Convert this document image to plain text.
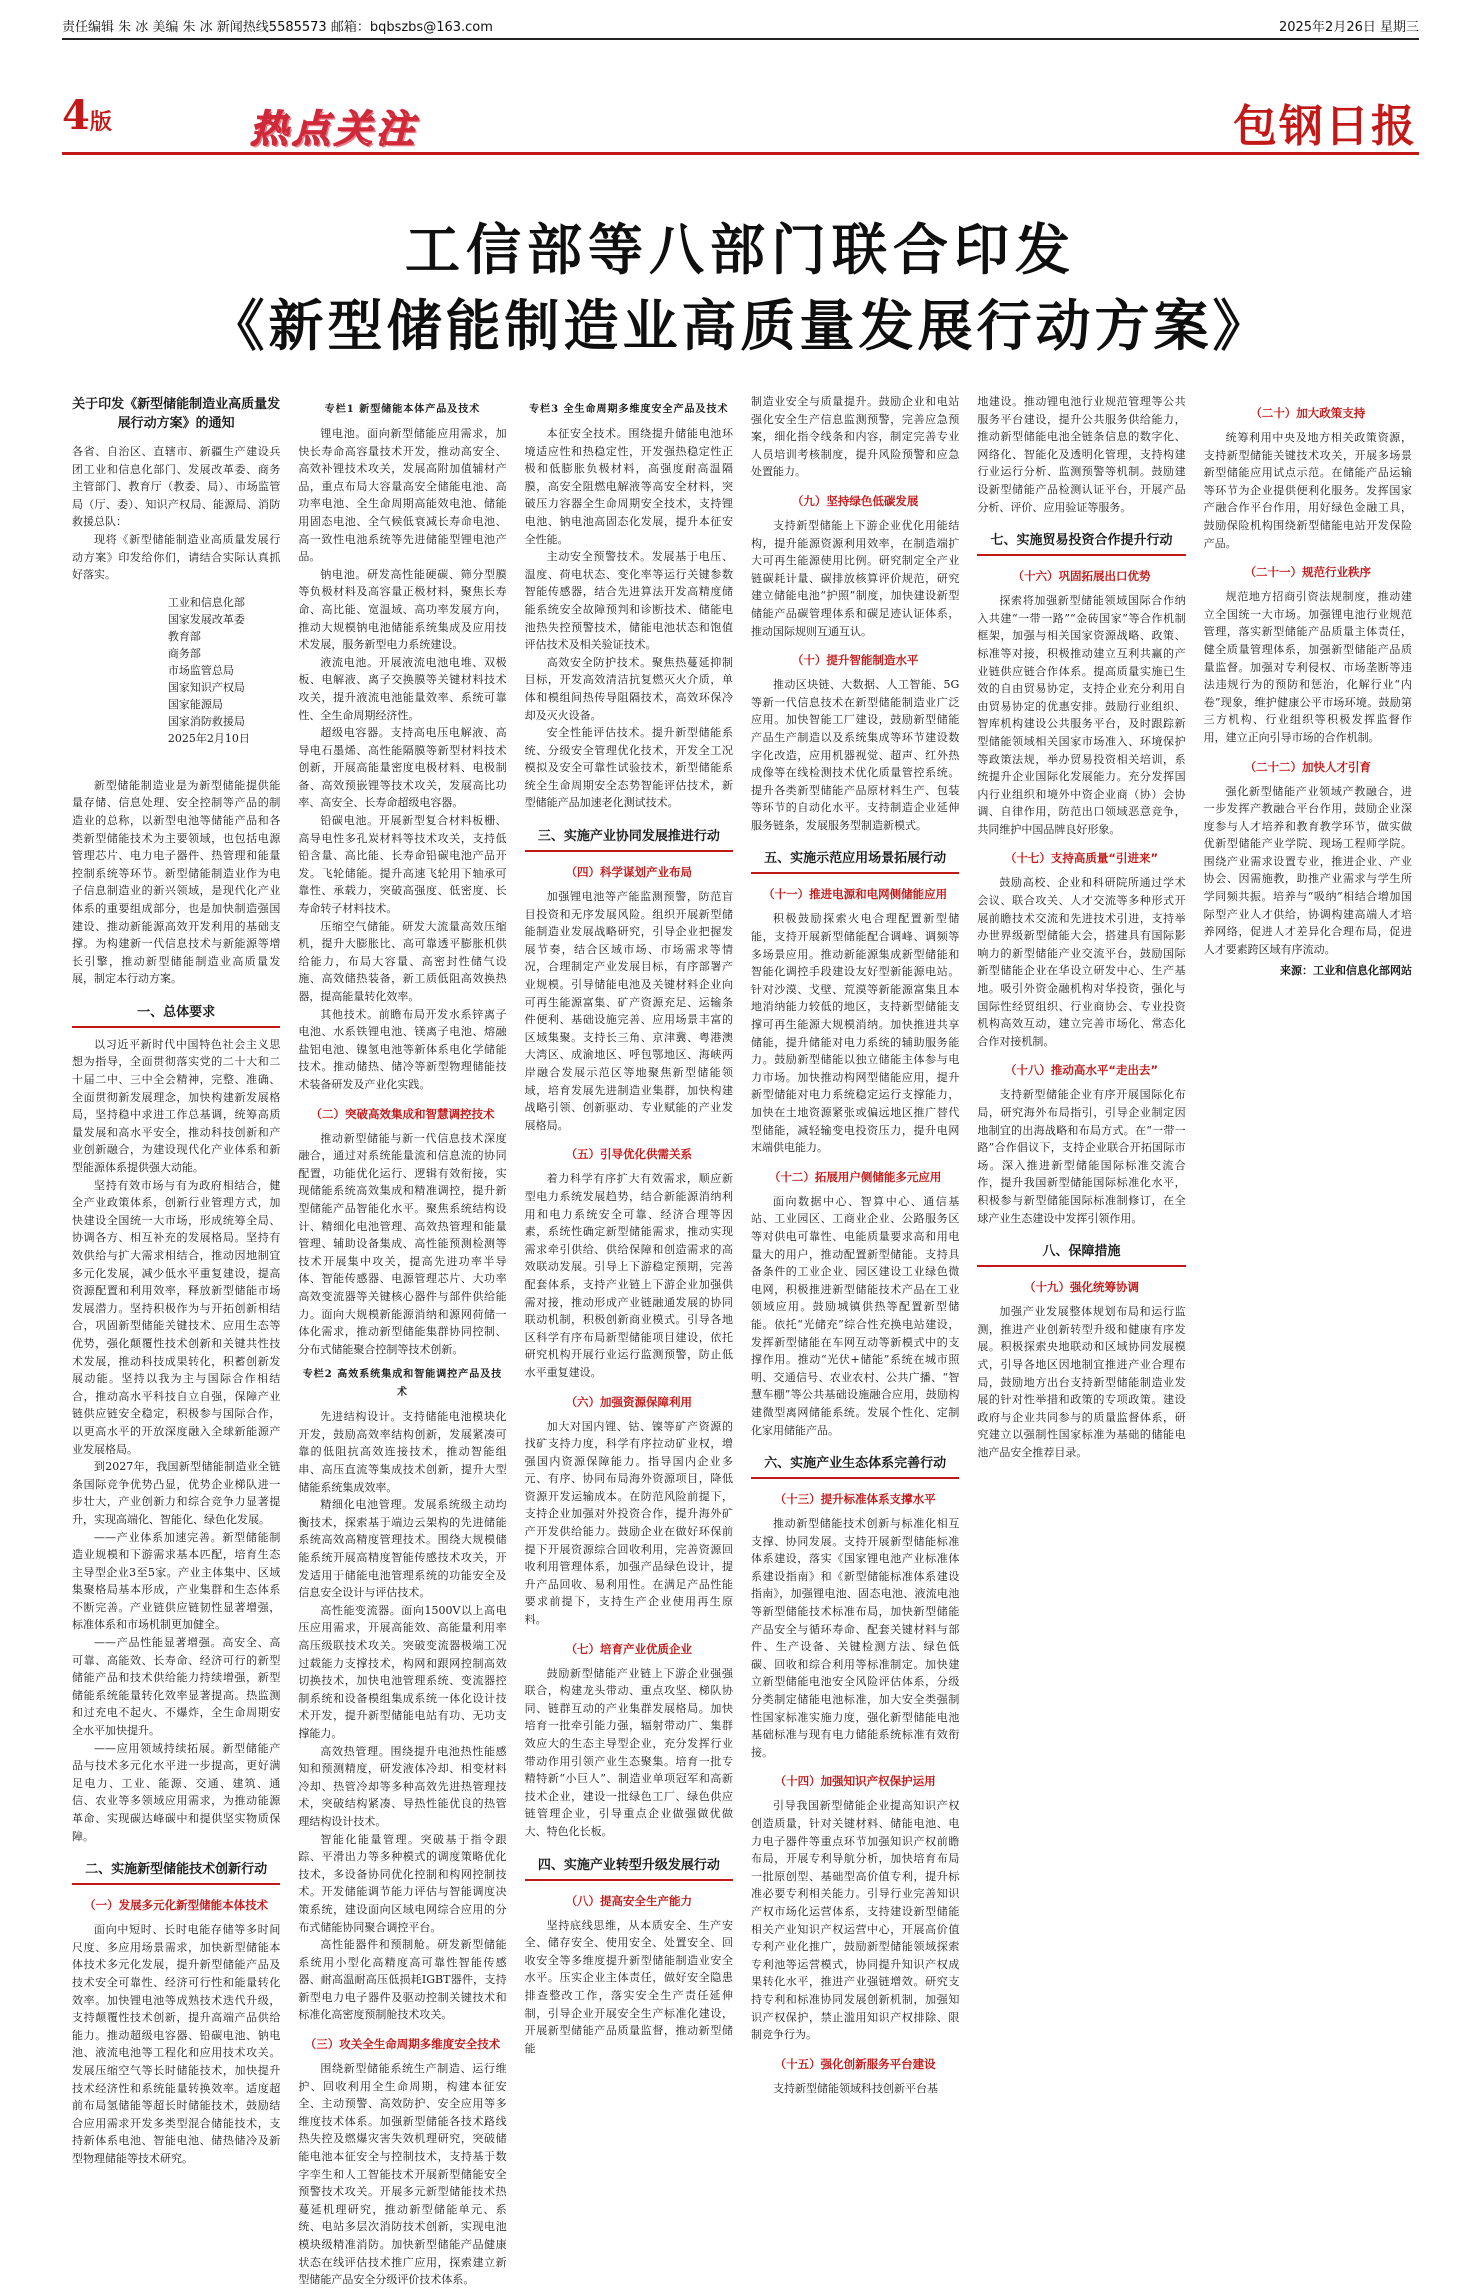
责任编辑 朱 冰 美编 朱 冰 新闻热线5585573 邮箱：bqbszbs@163.com	2025年2月26日 星期三
4版	热点关注	包钢日报
工信部等八部门联合印发
《新型储能制造业高质量发展行动方案》
关于印发《新型储能制造业高质量发展行动方案》的通知

各省、自治区、直辖市、新疆生产建设兵团工业和信息化部门、发展改革委、商务主管部门、教育厅（教委、局）、市场监管局（厅、委）、知识产权局、能源局、消防救援总队：

现将《新型储能制造业高质量发展行动方案》印发给你们，请结合实际认真抓好落实。

工业和信息化部
国家发展改革委
教育部
商务部
市场监管总局
国家知识产权局
国家能源局
国家消防救援局
2025年2月10日

新型储能制造业是为新型储能提供能量存储、信息处理、安全控制等产品的制造业的总称，以新型电池等储能产品和各类新型储能技术为主要领域，也包括电源管理芯片、电力电子器件、热管理和能量控制系统等环节。新型储能制造业作为电子信息制造业的新兴领域，是现代化产业体系的重要组成部分，也是加快制造强国建设、推动新能源高效开发利用的基础支撑。为构建新一代信息技术与新能源等增长引擎，推动新型储能制造业高质量发展，制定本行动方案。

一、总体要求

以习近平新时代中国特色社会主义思想为指导，全面贯彻落实党的二十大和二十届二中、三中全会精神，完整、准确、全面贯彻新发展理念，加快构建新发展格局，坚持稳中求进工作总基调，统筹高质量发展和高水平安全，推动科技创新和产业创新融合，为建设现代化产业体系和新型能源体系提供强大动能。

坚持有效市场与有为政府相结合，健全产业政策体系，创新行业管理方式，加快建设全国统一大市场，形成统筹全局、协调各方、相互补充的发展格局。坚持有效供给与扩大需求相结合，推动因地制宜多元化发展，减少低水平重复建设，提高资源配置和利用效率，释放新型储能市场发展潜力。坚持积极作为与开拓创新相结合，巩固新型储能关键技术、应用生态等优势，强化颠覆性技术创新和关键共性技术发展，推动科技成果转化，积蓄创新发展动能。坚持以我为主与国际合作相结合，推动高水平科技自立自强，保障产业链供应链安全稳定，积极参与国际合作，以更高水平的开放深度融入全球新能源产业发展格局。

到2027年，我国新型储能制造业全链条国际竞争优势凸显，优势企业梯队进一步壮大，产业创新力和综合竞争力显著提升，实现高端化、智能化、绿色化发展。

——产业体系加速完善。新型储能制造业规模和下游需求基本匹配，培育生态主导型企业3至5家。产业主体集中、区域集聚格局基本形成，产业集群和生态体系不断完善。产业链供应链韧性显著增强，标准体系和市场机制更加健全。

——产品性能显著增强。高安全、高可靠、高能效、长寿命、经济可行的新型储能产品和技术供给能力持续增强，新型储能系统能量转化效率显著提高。热监测和过充电不起火、不爆炸，全生命周期安全水平加快提升。

——应用领域持续拓展。新型储能产品与技术多元化水平进一步提高，更好满足电力、工业、能源、交通、建筑、通信、农业等多领域应用需求，为推动能源革命、实现碳达峰碳中和提供坚实物质保障。

二、实施新型储能技术创新行动
（一）发展多元化新型储能本体技术

面向中短时、长时电能存储等多时间尺度、多应用场景需求，加快新型储能本体技术多元化发展，提升新型储能产品及技术安全可靠性、经济可行性和能量转化效率。加快锂电池等成熟技术迭代升级，支持颠覆性技术创新，提升高端产品供给能力。推动超级电容器、铅碳电池、钠电池、液流电池等工程化和应用技术攻关。发展压缩空气等长时储能技术，加快提升技术经济性和系统能量转换效率。适度超前布局氢储能等超长时储能技术，鼓励结合应用需求开发多类型混合储能技术，支持新体系电池、智能电池、储热储冷及新型物理储能等技术研究。

专栏1 新型储能本体产品及技术

锂电池。面向新型储能应用需求，加快长寿命高容量技术开发，推动高安全、高效补锂技术攻关，发展高附加值辅材产品，重点布局大容量高安全储能电池、高功率电池、全生命周期高能效电池、储能用固态电池、全气候低衰减长寿命电池、高一致性电池系统等先进储能型锂电池产品。

钠电池。研发高性能硬碳、筛分型膜等负极材料及高容量正极材料，聚焦长寿命、高比能、宽温域、高功率发展方向，推动大规模钠电池储能系统集成及应用技术发展，服务新型电力系统建设。

液流电池。开展液流电池电堆、双极板、电解液、离子交换膜等关键材料技术攻关，提升液流电池能量效率、系统可靠性、全生命周期经济性。

超级电容器。支持高电压电解液、高导电石墨烯、高性能隔膜等新型材料技术创新，开展高能量密度电极材料、电极制备、高效预嵌锂等技术攻关，发展高比功率、高安全、长寿命超级电容器。

铅碳电池。开展新型复合材料板栅、高导电性多孔炭材料等技术攻关，支持低铅含量、高比能、长寿命铅碳电池产品开发。飞轮储能。提升高速飞轮用下轴承可靠性、承载力，突破高强度、低密度、长寿命转子材料技术。

压缩空气储能。研发大流量高效压缩机，提升大膨胀比、高可靠透平膨胀机供给能力，布局大容量、高密封性储气设施、高效储热装备，新工质低阻高效换热器，提高能量转化效率。

其他技术。前瞻布局开发水系锌离子电池、水系铁锂电池、镁离子电池、熔融盐铝电池、镍氢电池等新体系电化学储能技术。推动储热、储冷等新型物理储能技术装备研发及产业化实践。

（二）突破高效集成和智慧调控技术

推动新型储能与新一代信息技术深度融合，通过对系统能量流和信息流的协同配置，功能优化运行、逻辑有效衔接，实现储能系统高效集成和精准调控，提升新型储能产品智能化水平。聚焦系统结构设计、精细化电池管理、高效热管理和能量管理、辅助设备集成、高性能预测检测等技术开展集中攻关，提高先进功率半导体、智能传感器、电源管理芯片、大功率高效变流器等关键核心器件与部件供给能力。面向大规模新能源消纳和源网荷储一体化需求，推动新型储能集群协同控制、分布式储能聚合控制等技术创新。

专栏2 高效系统集成和智能调控产品及技术

先进结构设计。支持储能电池模块化开发，鼓励高效率结构创新，发展紧凑可靠的低阻抗高效连接技术，推动智能组串、高压直流等集成技术创新，提升大型储能系统集成效率。

精细化电池管理。发展系统级主动均衡技术，探索基于端边云架构的先进储能系统高效高精度管理技术。围绕大规模储能系统开展高精度智能传感技术攻关，开发适用于储能电池管理系统的功能安全及信息安全设计与评估技术。

高性能变流器。面向1500V以上高电压应用需求，开展高能效、高能量利用率高压级联技术攻关。突破变流器极端工况过载能力支撑技术，构网和跟网控制高效切换技术，加快电池管理系统、变流器控制系统和设备模组集成系统一体化设计技术开发，提升新型储能电站有功、无功支撑能力。

高效热管理。围绕提升电池热性能感知和预测精度，研发液体冷却、相变材料冷却、热管冷却等多种高效先进热管理技术，突破结构紧凑、导热性能优良的热管理结构设计技术。

智能化能量管理。突破基于指令跟踪、平滑出力等多种模式的调度策略优化技术，多设备协同优化控制和构网控制技术。开发储能调节能力评估与智能调度决策系统，建设面向区域电网综合应用的分布式储能协同聚合调控平台。

高性能器件和预制舱。研发新型储能系统用小型化高精度高可靠性智能传感器、耐高温耐高压低损耗IGBT器件，支持新型电力电子器件及驱动控制关键技术和标准化高密度预制舱技术攻关。

（三）攻关全生命周期多维度安全技术

围绕新型储能系统生产制造、运行维护、回收利用全生命周期，构建本征安全、主动预警、高效防护、安全应用等多维度技术体系。加强新型储能各技术路线热失控及燃爆灾害失效机理研究，突破储能电池本征安全与控制技术，支持基于数字孪生和人工智能技术开展新型储能安全预警技术攻关。开展多元新型储能技术热蔓延机理研究，推动新型储能单元、系统、电站多层次消防技术创新，实现电池模块级精准消防。加快新型储能产品健康状态在线评估技术推广应用，探索建立新型储能产品安全分级评价技术体系。

专栏3 全生命周期多维度安全产品及技术

本征安全技术。围绕提升储能电池环境适应性和热稳定性，开发强热稳定性正极和低膨胀负极材料，高强度耐高温隔膜，高安全阻燃电解液等高安全材料，突破压力容器全生命周期安全技术，支持锂电池、钠电池高固态化发展，提升本征安全性能。

主动安全预警技术。发展基于电压、温度、荷电状态、变化率等运行关键参数智能传感器，结合先进算法开发高精度储能系统安全故障预判和诊断技术、储能电池热失控预警技术，储能电池状态和饱值评估技术及相关验证技术。

高效安全防护技术。聚焦热蔓延抑制目标，开发高效清洁抗复燃灭火介质，单体和模组间热传导阻隔技术，高效环保冷却及灭火设备。

安全性能评估技术。提升新型储能系统、分级安全管理优化技术，开发全工况模拟及安全可靠性试验技术，新型储能系统全生命周期安全态势智能评估技术，新型储能产品加速老化测试技术。

三、实施产业协同发展推进行动
（四）科学谋划产业布局

加强锂电池等产能监测预警，防范盲目投资和无序发展风险。组织开展新型储能制造业发展战略研究，引导企业把握发展节奏，结合区域市场、市场需求等情况，合理制定产业发展目标，有序部署产业规模。引导储能电池及关键材料企业向可再生能源富集、矿产资源充足、运输条件便利、基础设施完善、应用场景丰富的区域集聚。支持长三角、京津冀、粤港澳大湾区、成渝地区、呼包鄂地区、海峡两岸融合发展示范区等地聚焦新型储能领域，培育发展先进制造业集群，加快构建战略引领、创新驱动、专业赋能的产业发展格局。

（五）引导优化供需关系

着力科学有序扩大有效需求，顺应新型电力系统发展趋势，结合新能源消纳利用和电力系统安全可靠、经济合理等因素，系统性确定新型储能需求，推动实现需求牵引供给、供给保障和创造需求的高效联动发展。引导上下游稳定预期，完善配套体系，支持产业链上下游企业加强供需对接，推动形成产业链融通发展的协同联动机制，积极创新商业模式。引导各地区科学有序布局新型储能项目建设，依托研究机构开展行业运行监测预警，防止低水平重复建设。

（六）加强资源保障利用

加大对国内锂、钴、镍等矿产资源的找矿支持力度，科学有序拉动矿业权，增强国内资源保障能力。指导国内企业多元、有序、协同布局海外资源项目，降低资源开发运输成本。在防范风险前提下，支持企业加强对外投资合作，提升海外矿产开发供给能力。鼓励企业在做好环保前提下开展资源综合回收利用，完善资源回收利用管理体系，加强产品绿色设计，提升产品回收、易利用性。在满足产品性能要求前提下，支持生产企业使用再生原料。

（七）培育产业优质企业

鼓励新型储能产业链上下游企业强强联合，构建龙头带动、重点攻坚、梯队协同、链群互动的产业集群发展格局。加快培育一批牵引能力强，辐射带动广、集群效应大的生态主导型企业，充分发挥行业带动作用引领产业生态聚集。培育一批专精特新“小巨人”、制造业单项冠军和高新技术企业，建设一批绿色工厂、绿色供应链管理企业，引导重点企业做强做优做大、特色化长板。

四、实施产业转型升级发展行动
（八）提高安全生产能力

坚持底线思维，从本质安全、生产安全、储存安全、使用安全、处置安全、回收安全等多维度提升新型储能制造业安全水平。压实企业主体责任，做好安全隐患排查整改工作，落实安全生产责任延伸制，引导企业开展安全生产标准化建设，开展新型储能产品质量监督，推动新型储能

制造业安全与质量提升。鼓励企业和电站强化安全生产信息监测预警，完善应急预案，细化指令线条和内容，制定完善专业人员培训考核制度，提升风险预警和应急处置能力。

（九）坚持绿色低碳发展

支持新型储能上下游企业优化用能结构，提升能源资源利用效率，在制造端扩大可再生能源使用比例。研究制定全产业链碳耗计量、碳排放核算评价规范，研究建立储能电池“护照”制度，加快建设新型储能产品碳管理体系和碳足迹认证体系，推动国际规则互通互认。

（十）提升智能制造水平

推动区块链、大数据、人工智能、5G等新一代信息技术在新型储能制造业广泛应用。加快智能工厂建设，鼓励新型储能产品生产制造以及系统集成等环节建设数字化改造，应用机器视觉、超声、红外热成像等在线检测技术优化质量管控系统。提升各类新型储能产品原材料生产、包装等环节的自动化水平。支持制造企业延伸服务链条，发展服务型制造新模式。

五、实施示范应用场景拓展行动
（十一）推进电源和电网侧储能应用

积极鼓励探索火电合理配置新型储能，支持开展新型储能配合调峰、调频等多场景应用。推动新能源集成新型储能和智能化调控手段建设友好型新能源电站。针对沙漠、戈壁、荒漠等新能源富集且本地消纳能力较低的地区，支持新型储能支撑可再生能源大规模消纳。加快推进共享储能，提升储能对电力系统的辅助服务能力。鼓励新型储能以独立储能主体参与电力市场。加快推动构网型储能应用，提升新型储能对电力系统稳定运行支撑能力，加快在土地资源紧张或偏远地区推广替代型储能，减轻输变电投资压力，提升电网末端供电能力。

（十二）拓展用户侧储能多元应用

面向数据中心、智算中心、通信基站、工业园区、工商业企业、公路服务区等对供电可靠性、电能质量要求高和用电量大的用户，推动配置新型储能。支持具备条件的工业企业、园区建设工业绿色微电网，积极推进新型储能技术产品在工业领域应用。鼓励城镇供热等配置新型储能。依托“光储充”综合性充换电站建设，发挥新型储能在车网互动等新模式中的支撑作用。推动“光伏+储能”系统在城市照明、交通信号、农业农村、公共广播、“智慧车棚”等公共基础设施融合应用，鼓励构建微型离网储能系统。发展个性化、定制化家用储能产品。

六、实施产业生态体系完善行动
（十三）提升标准体系支撑水平

推动新型储能技术创新与标准化相互支撑、协同发展。支持开展新型储能标准体系建设，落实《国家锂电池产业标准体系建设指南》和《新型储能标准体系建设指南》，加强锂电池、固态电池、液流电池等新型储能技术标准布局，加快新型储能产品安全与循环寿命、配套关键材料与部件、生产设备、关键检测方法、绿色低碳、回收和综合利用等标准制定。加快建立新型储能电池安全风险评估体系，分级分类制定储能电池标准，加大安全类强制性国家标准实施力度，强化新型储能电池基础标准与现有电力储能系统标准有效衔接。

（十四）加强知识产权保护运用

引导我国新型储能企业提高知识产权创造质量，针对关键材料、储能电池、电力电子器件等重点环节加强知识产权前瞻布局，开展专利导航分析，加快培育布局一批原创型、基础型高价值专利，提升标准必要专利相关能力。引导行业完善知识产权市场化运营体系，支持建设新型储能相关产业知识产权运营中心，开展高价值专利产业化推广，鼓励新型储能领域探索专利池等运营模式，协同提升知识产权成果转化水平，推进产业强链增效。研究支持专利和标准协同发展创新机制，加强知识产权保护，禁止滥用知识产权排除、限制竞争行为。

（十五）强化创新服务平台建设

支持新型储能领域科技创新平台基

地建设。推动锂电池行业规范管理等公共服务平台建设，提升公共服务供给能力，推动新型储能电池全链条信息的数字化、网络化、智能化及透明化管理，支持构建行业运行分析、监测预警等机制。鼓励建设新型储能产品检测认证平台，开展产品分析、评价、应用验证等服务。

七、实施贸易投资合作提升行动
（十六）巩固拓展出口优势

探索将加强新型储能领域国际合作纳入共建“一带一路”“金砖国家”等合作机制框架，加强与相关国家资源战略、政策、标准等对接，积极推动建立互利共赢的产业链供应链合作体系。提高质量实施已生效的自由贸易协定，支持企业充分利用自由贸易协定的优惠安排。鼓励行业组织、智库机构建设公共服务平台，及时跟踪新型储能领域相关国家市场准入、环境保护等政策法规，举办贸易投资相关培训，系统提升企业国际化发展能力。充分发挥国内行业组织和境外中资企业商（协）会协调、自律作用，防范出口领域恶意竞争，共同维护中国品牌良好形象。

（十七）支持高质量“引进来”

鼓励高校、企业和科研院所通过学术会议、联合攻关、人才交流等多种形式开展前瞻技术交流和先进技术引进，支持举办世界级新型储能大会，搭建具有国际影响力的新型储能产业交流平台，鼓励国际新型储能企业在华设立研发中心、生产基地。吸引外资金融机构对华投资，强化与国际性经贸组织、行业商协会、专业投资机构高效互动，建立完善市场化、常态化合作对接机制。

（十八）推动高水平“走出去”

支持新型储能企业有序开展国际化布局，研究海外布局指引，引导企业制定因地制宜的出海战略和布局方式。在“一带一路”合作倡议下，支持企业联合开拓国际市场。深入推进新型储能国际标准交流合作，提升我国新型储能国际标准化水平，积极参与新型储能国际标准制修订，在全球产业生态建设中发挥引领作用。

八、保障措施
（十九）强化统筹协调

加强产业发展整体规划布局和运行监测，推进产业创新转型升级和健康有序发展。积极探索央地联动和区域协同发展模式，引导各地区因地制宜推进产业合理布局，鼓励地方出台支持新型储能制造业发展的针对性举措和政策的专项政策。建设政府与企业共同参与的质量监督体系，研究建立以强制性国家标准为基础的储能电池产品安全推荐目录。

（二十）加大政策支持

统筹利用中央及地方相关政策资源，支持新型储能关键技术攻关，开展多场景新型储能应用试点示范。在储能产品运输等环节为企业提供便利化服务。发挥国家产融合作平台作用，用好绿色金融工具，鼓励保险机构围绕新型储能电站开发保险产品。

（二十一）规范行业秩序

规范地方招商引资法规制度，推动建立全国统一大市场。加强锂电池行业规范管理，落实新型储能产品质量主体责任，健全质量管理体系，加强新型储能产品质量监督。加强对专利侵权、市场垄断等违法违规行为的预防和惩治，化解行业“内卷”现象，维护健康公平市场环境。鼓励第三方机构、行业组织等积极发挥监督作用，建立正向引导市场的合作机制。

（二十二）加快人才引育

强化新型储能产业领域产教融合，进一步发挥产教融合平台作用，鼓励企业深度参与人才培养和教育教学环节，做实做优新型储能产业学院、现场工程师学院。围绕产业需求设置专业，推进企业、产业协会、因需施教，助推产业需求与学生所学同频共振。培养与“吸纳”相结合增加国际型产业人才供给，协调构建高端人才培养网络，促进人才差异化合理布局，促进人才要素跨区域有序流动。

来源：工业和信息化部网站
